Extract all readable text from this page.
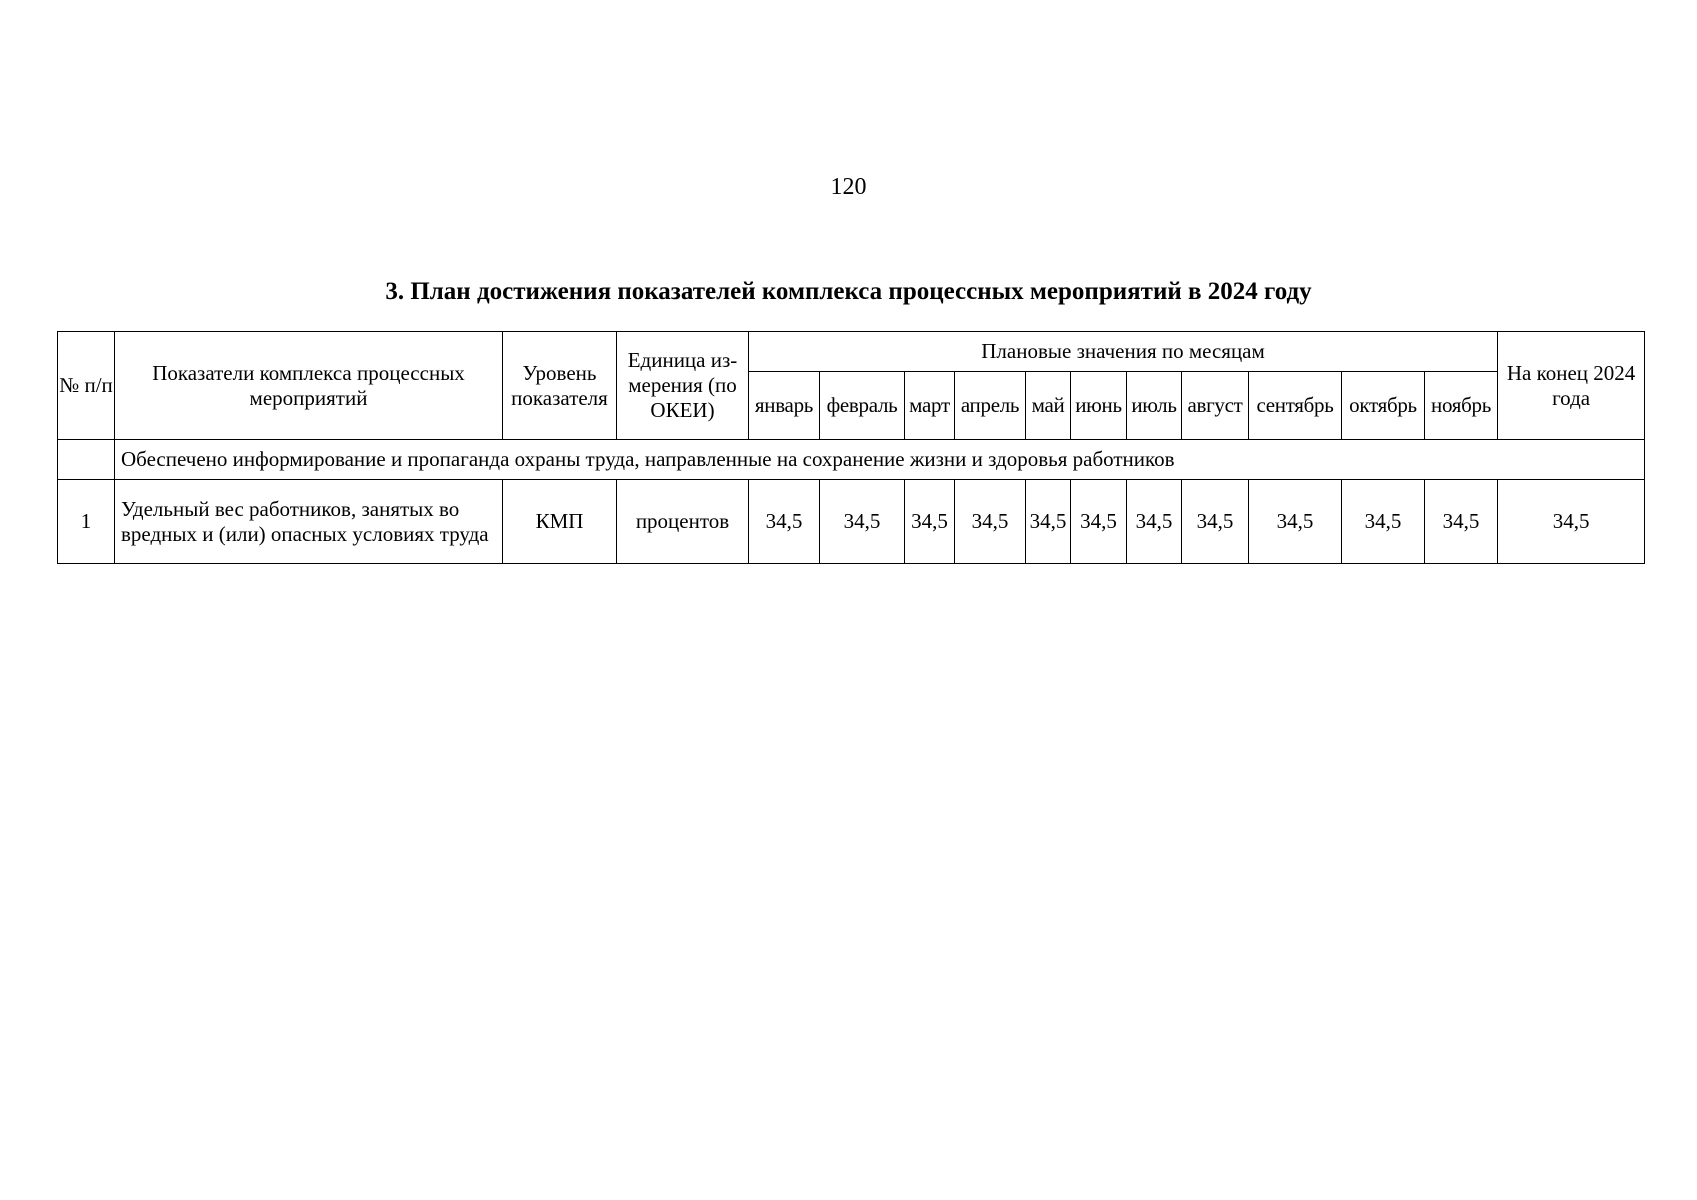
120
3. План достижения показателей комплекса процессных мероприятий в 2024 году
№ п/п	Показатели комплекса процессных мероприятий	Уровень показателя	Единица из-мерения (по ОКЕИ)	Плановые значения по месяцам											На конец 2024 года
				январь	февраль	март	апрель	май	июнь	июль	август	сентябрь	октябрь	ноябрь	
	Обеспечено информирование и пропаганда охраны труда, направленные на сохранение жизни и здоровья работников														
1	Удельный вес работников, занятых во вредных и (или) опасных условиях труда	КМП	процентов	34,5	34,5	34,5	34,5	34,5	34,5	34,5	34,5	34,5	34,5	34,5	34,5
